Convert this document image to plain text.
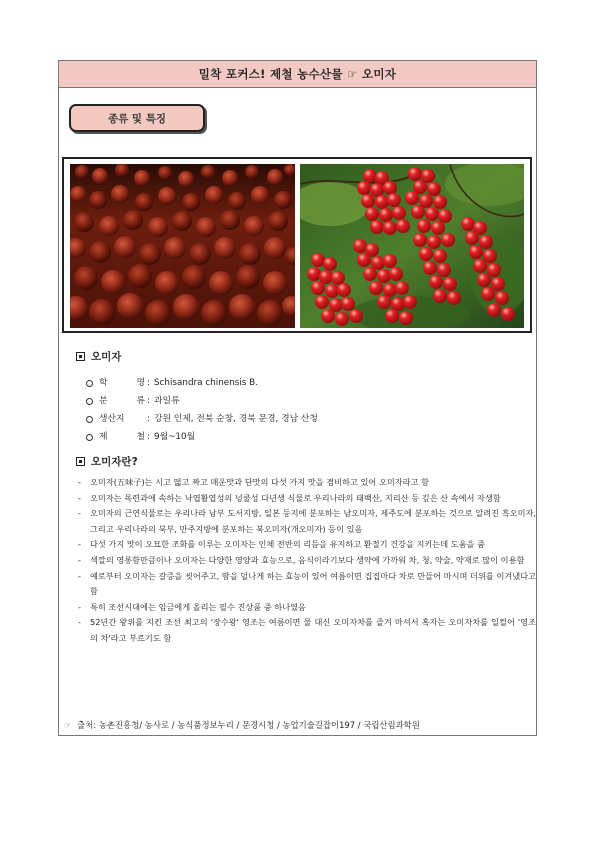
밀착 포커스! 제철 농수산물 ☞ 오미자
종류 및 특징
오미자
학 명 : Schisandra chinensis B.
분 류 : 과일류
생산지	: 강원 인제, 전북 순창, 경북 문경, 경남 산청
제 철 : 9월~10월
오미자란?
-	오미자(五味子)는 시고 떫고 짜고 매운맛과 단맛의 다섯 가지 맛을 겸비하고 있어 오미자라고 함
-	오미자는 목련과에 속하는 낙엽활엽성의 넝쿨성 다년생 식물로 우리나라의 태백산, 지리산 등 깊은 산 속에서 자생함
-	오미자의 근연식물로는 우리나라 남부 도서지방, 일본 등지에 분포하는 남오미자, 제주도에 분포하는 것으로 알려진 흑오미자, 그리고 우리나라의 북부, 만주지방에 분포하는 북오미자(개오미자) 등이 있음
-	다섯 가지 맛이 오묘한 조화를 이루는 오미자는 인체 전반의 리듬을 유지하고 환절기 건강을 지키는데 도움을 줌
-	색깔의 영롱함만큼이나 오미자는 다양한 영양과 효능으로, 음식이라기보다 생약에 가까워 차, 청, 약술, 약재로 많이 이용함
-	예로부터 오미자는 갈증을 씻어주고, 땀을 덜나게 하는 효능이 있어 여름이면 집집마다 차로 만들어 마시며 더위를 이겨냈다고 함
-	특히 조선시대에는 임금에게 올리는 필수 진상품 중 하나였음
-	52년간 왕위를 지킨 조선 최고의 '장수왕' 영조는 여름이면 물 대신 오미자차를 즐겨 마셔서 혹자는 오미자차를 일컬어 '영조의 차'라고 부르기도 함
☞ 출처: 농촌진흥청/ 농사로 / 농식품정보누리 / 문경시청 / 농업기술길잡이197 / 국립산림과학원
